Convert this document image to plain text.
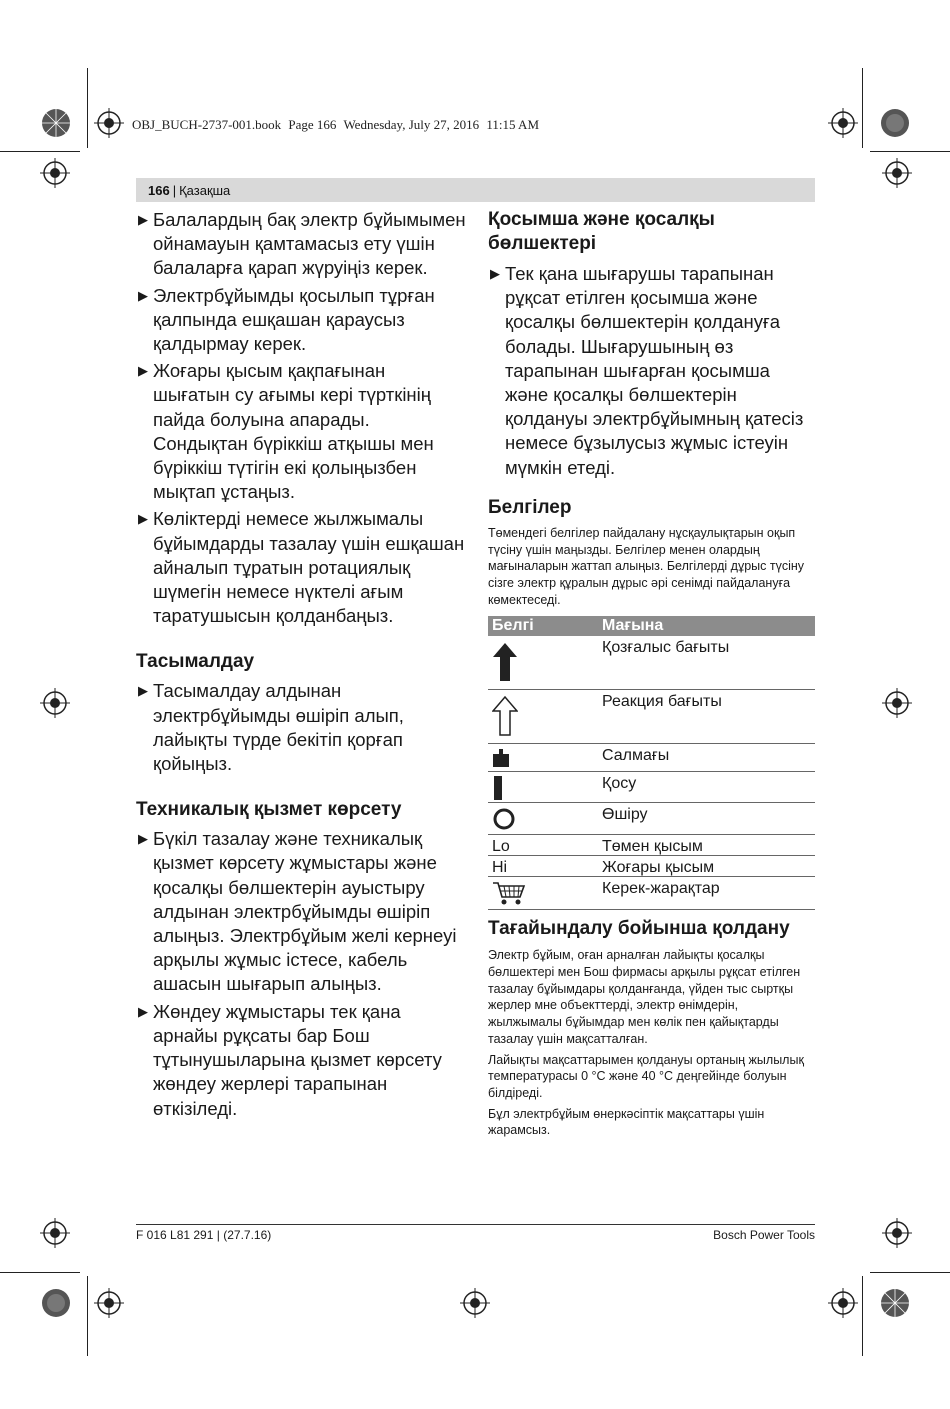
OBJ_BUCH-2737-001.book Page 166 Wednesday, July 27, 2016 11:15 AM
166 | Қазақша
▶ Балалардың бақ электр бұйымымен ойнамауын қамтамасыз ету үшін балаларға қарап жүруіңіз керек.
▶ Электрбұйымды қосылып тұрған қалпында ешқашан қараусыз қалдырмау керек.
▶ Жоғары қысым қақпағынан шығатын су ағымы кері түрткінің пайда болуына апарады. Сондықтан бүріккіш атқышы мен бүріккіш түтігін екі қолыңызбен мықтап ұстаңыз.
▶ Көліктерді немесе жылжымалы бұйымдарды тазалау үшін ешқашан айналып тұратын ротациялық шүмегін немесе нүктелі ағым таратушысын қолданбаңыз.
Тасымалдау
▶ Тасымалдау алдынан электрбұйымды өшіріп алып, лайықты түрде бекітіп қорғап қойыңыз.
Техникалық қызмет көрсету
▶ Бүкіл тазалау және техникалық қызмет көрсету жұмыстары және қосалқы бөлшектерін ауыстыру алдынан электрбұйымды өшіріп алыңыз. Электрбұйым желі кернеуі арқылы жұмыс істесе, кабель ашасын шығарып алыңыз.
▶ Жөндеу жұмыстары тек қана арнайы рұқсаты бар Бош тұтынушыларына қызмет көрсету жөндеу жерлері тарапынан өткізіледі.
Қосымша және қосалқы бөлшектері
▶ Тек қана шығарушы тарапынан рұқсат етілген қосымша және қосалқы бөлшектерін қолдануға болады. Шығарушының өз тарапынан шығарған қосымша және қосалқы бөлшектерін қолдануы электрбұйымның қатесіз немесе бұзылусыз жұмыс істеуін мүмкін етеді.
Белгілер
Төмендегі белгілер пайдалану нұсқаулықтарын оқып түсіну үшін маңызды. Белгілер менен олардың мағыналарын жаттап алыңыз. Белгілерді дұрыс түсіну сізге электр құралын дұрыс әрі сенімді пайдалануға көмектеседі.
Белгі	Мағына
Қозғалыс бағыты
Реакция бағыты
Салмағы
Қосу
Өшіру
Lo	Төмен қысым
Hi	Жоғары қысым
Керек-жарақтар
Тағайындалу бойынша қолдану
Электр бұйым, оған арналған лайықты қосалқы бөлшектері мен Бош фирмасы арқылы рұқсат етілген тазалау бұйымдары қолданғанда, үйден тыс сыртқы жерлер мне объекттерді, электр өнімдерін, жылжымалы бұйымдар мен көлік пен қайықтарды тазалау үшін мақсатталған.
Лайықты мақсаттарымен қолдануы ортаның жылылық температурасы 0 °C және 40 °C деңгейінде болуын білдіреді.
Бұл электрбұйым өнеркәсіптік мақсаттары үшін жарамсыз.
F 016 L81 291 | (27.7.16)	Bosch Power Tools
